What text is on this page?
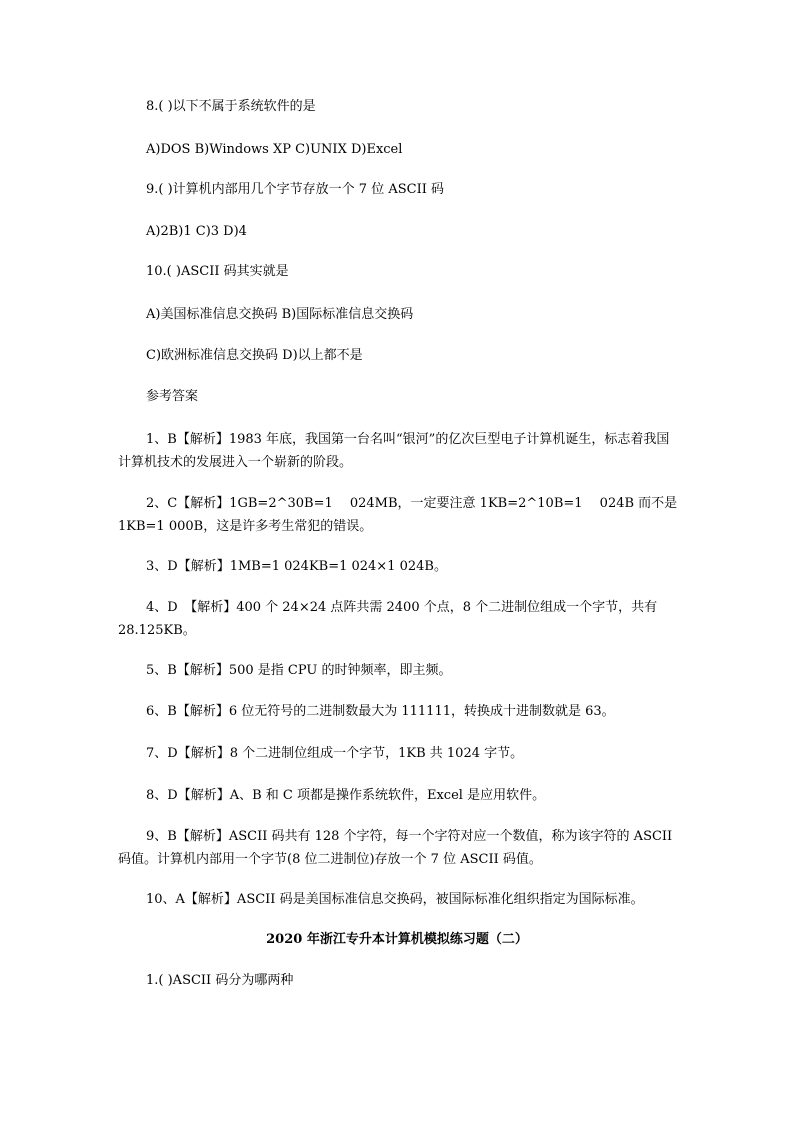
8.( )以下不属于系统软件的是
A)DOS B)Windows XP C)UNIX D)Excel
9.( )计算机内部用几个字节存放一个 7 位 ASCII 码
A)2B)1 C)3 D)4
10.( )ASCII 码其实就是
A)美国标准信息交换码 B)国际标准信息交换码
C)欧洲标准信息交换码 D)以上都不是
参考答案
1、B【解析】1983 年底，我国第一台名叫“银河”的亿次巨型电子计算机诞生，标志着我国计算机技术的发展进入一个崭新的阶段。
2、C【解析】1GB=2^30B=1　 024MB，一定要注意 1KB=2^10B=1　 024B 而不是 1KB=1 000B，这是许多考生常犯的错误。
3、D【解析】1MB=1 024KB=1 024×1 024B。
4、D　【解析】400 个 24×24 点阵共需 2400 个点，8 个二进制位组成一个字节，共有 28.125KB。
5、B【解析】500 是指 CPU 的时钟频率，即主频。
6、B【解析】6 位无符号的二进制数最大为 111111，转换成十进制数就是 63。
7、D【解析】8 个二进制位组成一个字节，1KB 共 1024 字节。
8、D【解析】A、B 和 C 项都是操作系统软件，Excel 是应用软件。
9、B【解析】ASCII 码共有 128 个字符，每一个字符对应一个数值，称为该字符的 ASCII 码值。计算机内部用一个字节(8 位二进制位)存放一个 7 位 ASCII 码值。
10、A【解析】ASCII 码是美国标准信息交换码，被国际标准化组织指定为国际标准。
2020 年浙江专升本计算机模拟练习题（二）
1.( )ASCII 码分为哪两种
